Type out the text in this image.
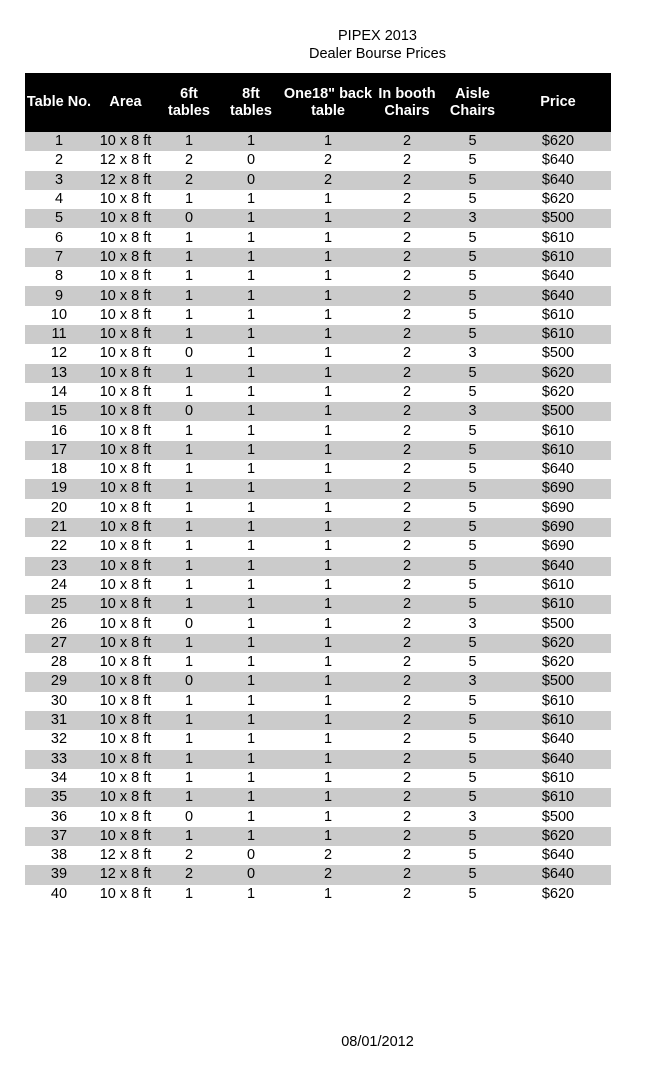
PIPEX 2013
Dealer Bourse Prices
Table No.	Area	6ft tables	8ft tables	One18" back table	In booth Chairs	Aisle Chairs	Price
1	10 x 8 ft	1	1	1	2	5	$620
2	12 x 8 ft	2	0	2	2	5	$640
3	12 x 8 ft	2	0	2	2	5	$640
4	10 x 8 ft	1	1	1	2	5	$620
5	10 x 8 ft	0	1	1	2	3	$500
6	10 x 8 ft	1	1	1	2	5	$610
7	10 x 8 ft	1	1	1	2	5	$610
8	10 x 8 ft	1	1	1	2	5	$640
9	10 x 8 ft	1	1	1	2	5	$640
10	10 x 8 ft	1	1	1	2	5	$610
11	10 x 8 ft	1	1	1	2	5	$610
12	10 x 8 ft	0	1	1	2	3	$500
13	10 x 8 ft	1	1	1	2	5	$620
14	10 x 8 ft	1	1	1	2	5	$620
15	10 x 8 ft	0	1	1	2	3	$500
16	10 x 8 ft	1	1	1	2	5	$610
17	10 x 8 ft	1	1	1	2	5	$610
18	10 x 8 ft	1	1	1	2	5	$640
19	10 x 8 ft	1	1	1	2	5	$690
20	10 x 8 ft	1	1	1	2	5	$690
21	10 x 8 ft	1	1	1	2	5	$690
22	10 x 8 ft	1	1	1	2	5	$690
23	10 x 8 ft	1	1	1	2	5	$640
24	10 x 8 ft	1	1	1	2	5	$610
25	10 x 8 ft	1	1	1	2	5	$610
26	10 x 8 ft	0	1	1	2	3	$500
27	10 x 8 ft	1	1	1	2	5	$620
28	10 x 8 ft	1	1	1	2	5	$620
29	10 x 8 ft	0	1	1	2	3	$500
30	10 x 8 ft	1	1	1	2	5	$610
31	10 x 8 ft	1	1	1	2	5	$610
32	10 x 8 ft	1	1	1	2	5	$640
33	10 x 8 ft	1	1	1	2	5	$640
34	10 x 8 ft	1	1	1	2	5	$610
35	10 x 8 ft	1	1	1	2	5	$610
36	10 x 8 ft	0	1	1	2	3	$500
37	10 x 8 ft	1	1	1	2	5	$620
38	12 x 8 ft	2	0	2	2	5	$640
39	12 x 8 ft	2	0	2	2	5	$640
40	10 x 8 ft	1	1	1	2	5	$620
08/01/2012
